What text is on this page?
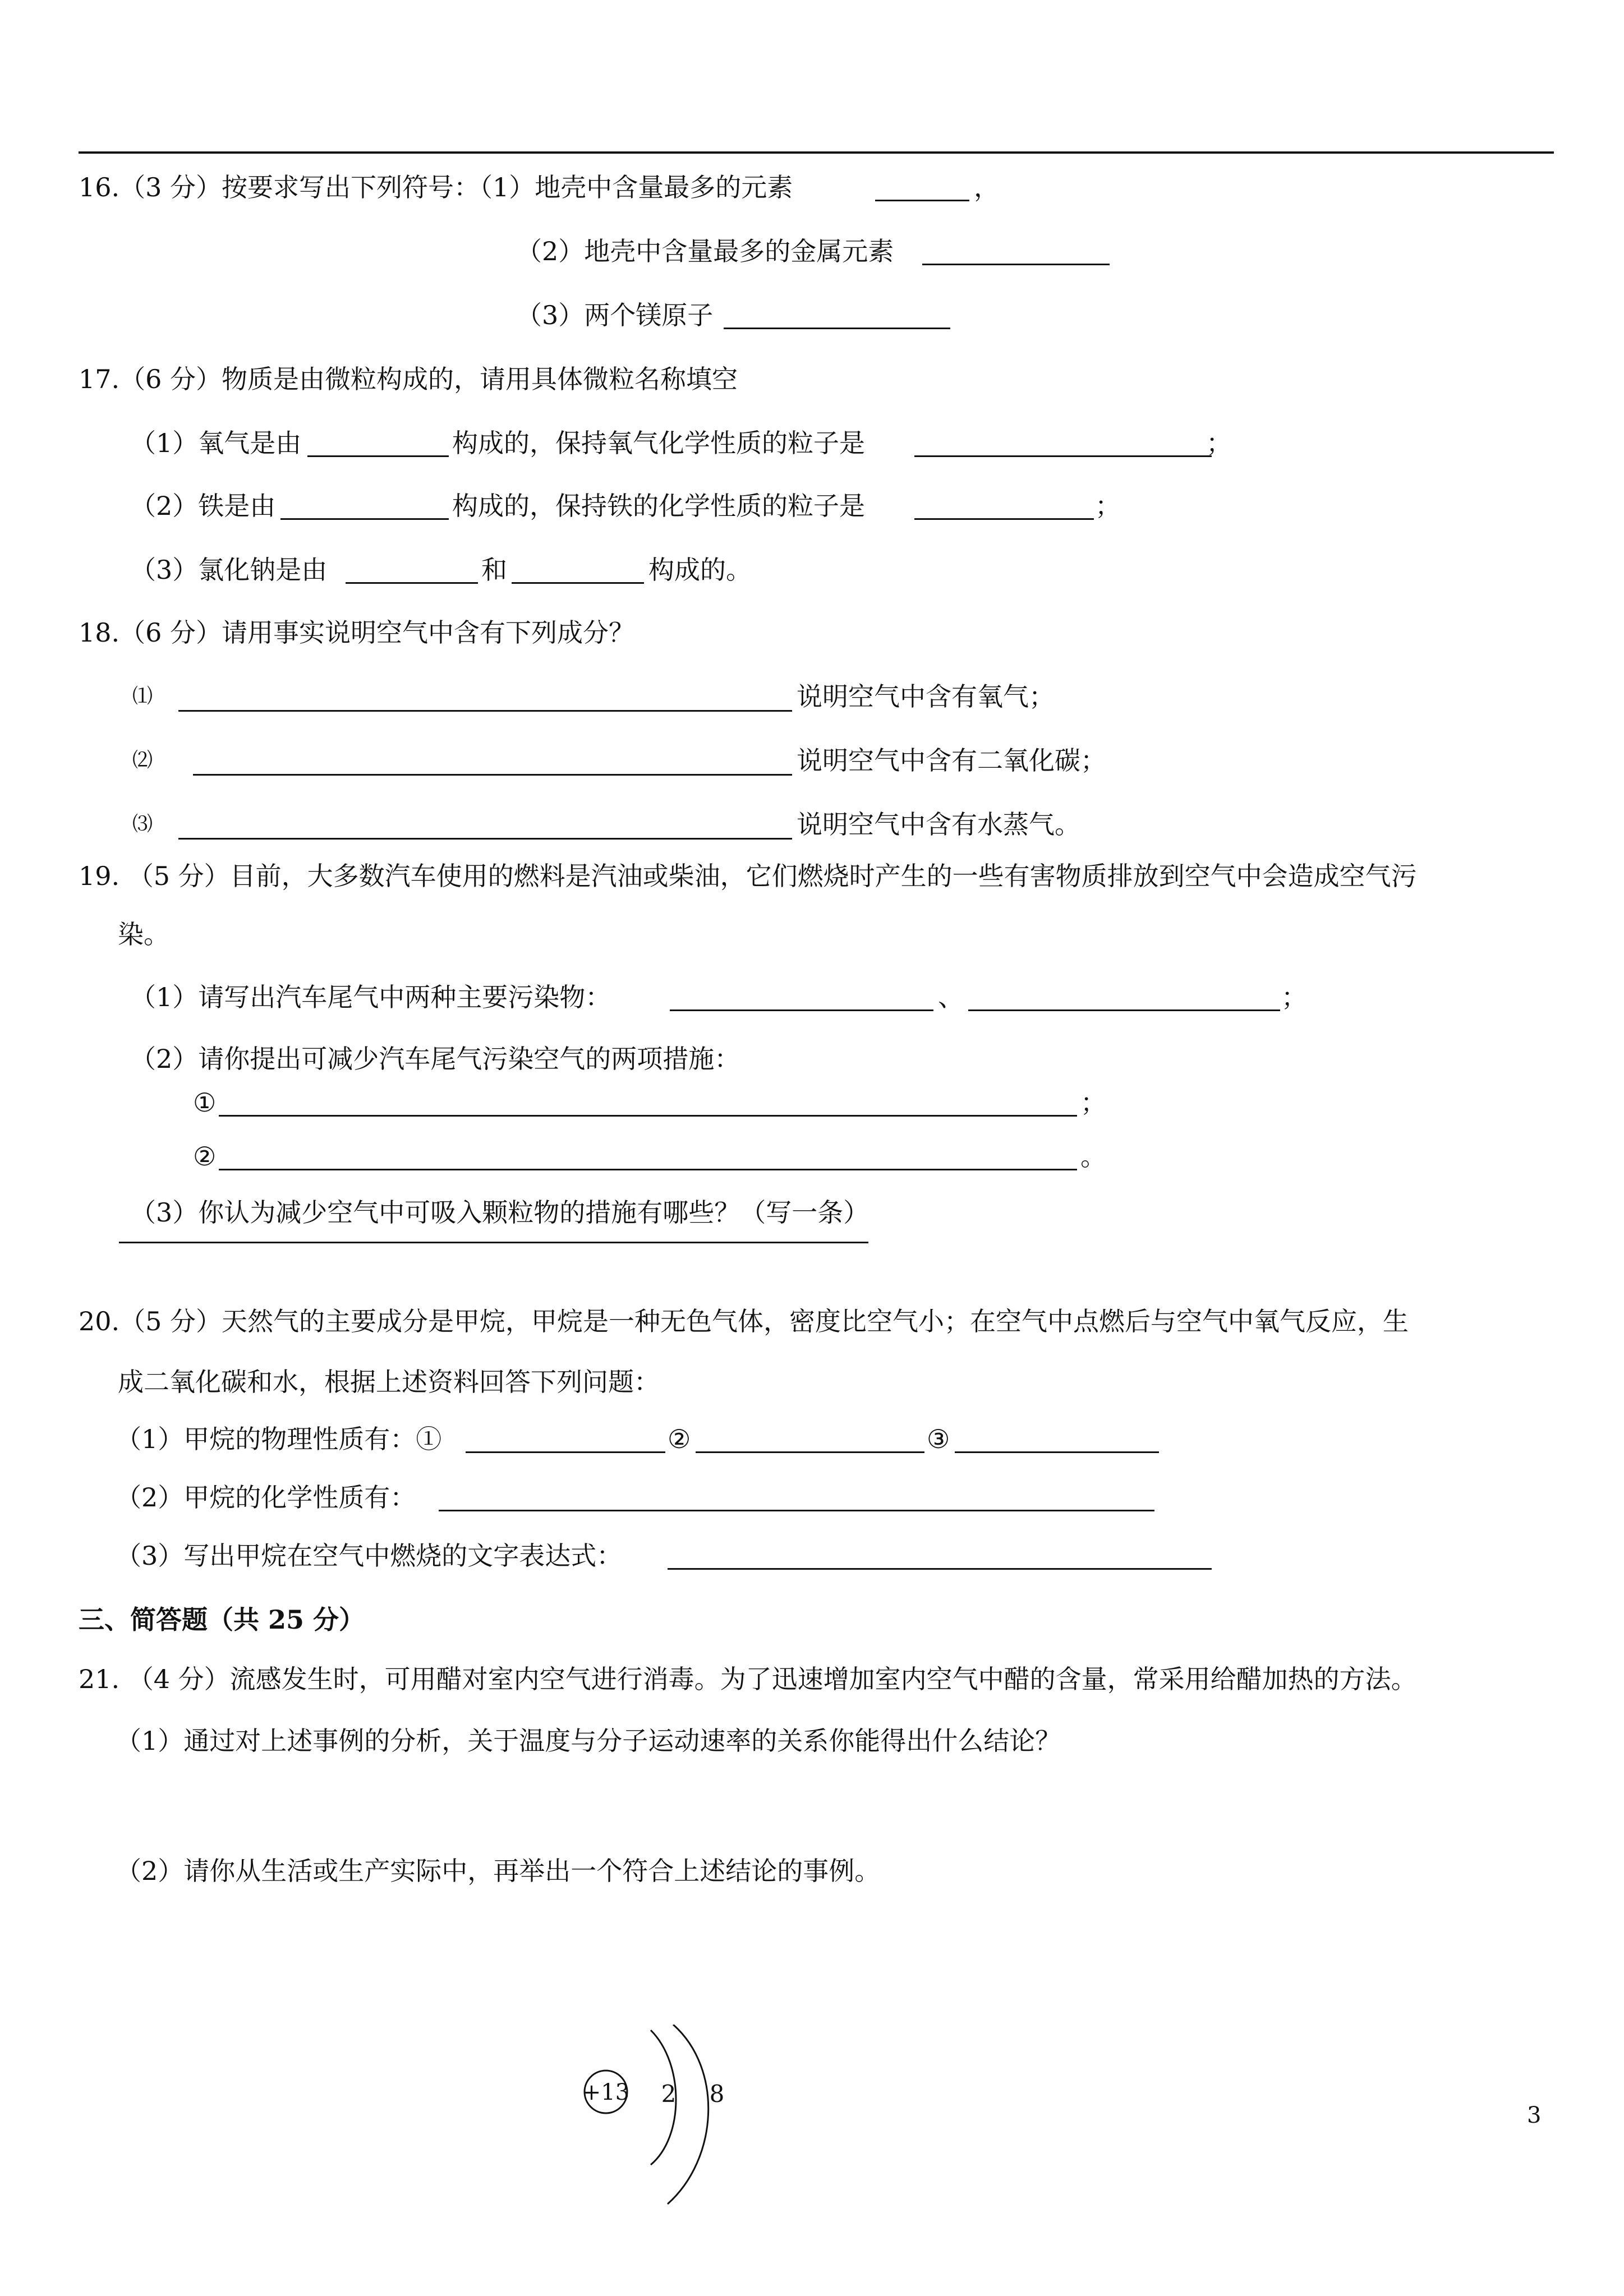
16.（3 分）按要求写出下列符号：（1）地壳中含量最多的元素	，
（2）地壳中含量最多的金属元素
（3）两个镁原子
17.（6 分）物质是由微粒构成的，请用具体微粒名称填空
（1）氧气是由	构成的，保持氧气化学性质的粒子是	；
（2）铁是由	构成的，保持铁的化学性质的粒子是	；
（3）氯化钠是由	和	构成的。
18.（6 分）请用事实说明空气中含有下列成分？
⑴	说明空气中含有氧气；
⑵	说明空气中含有二氧化碳；
⑶	说明空气中含有水蒸气。
19. （5 分）目前，大多数汽车使用的燃料是汽油或柴油，它们燃烧时产生的一些有害物质排放到空气中会造成空气污
染。
（1）请写出汽车尾气中两种主要污染物：	、	；
（2）请你提出可减少汽车尾气污染空气的两项措施：
①	；
②	。
（3）你认为减少空气中可吸入颗粒物的措施有哪些？（写一条）
20.（5 分）天然气的主要成分是甲烷，甲烷是一种无色气体，密度比空气小；在空气中点燃后与空气中氧气反应，生
成二氧化碳和水，根据上述资料回答下列问题：
（1）甲烷的物理性质有：①	②	③
（2）甲烷的化学性质有：
（3）写出甲烷在空气中燃烧的文字表达式：
三、简答题（共 25 分）
21. （4 分）流感发生时，可用醋对室内空气进行消毒。为了迅速增加室内空气中醋的含量，常采用给醋加热的方法。
（1）通过对上述事例的分析，关于温度与分子运动速率的关系你能得出什么结论？
（2）请你从生活或生产实际中，再举出一个符合上述结论的事例。
+13 2 8
3
